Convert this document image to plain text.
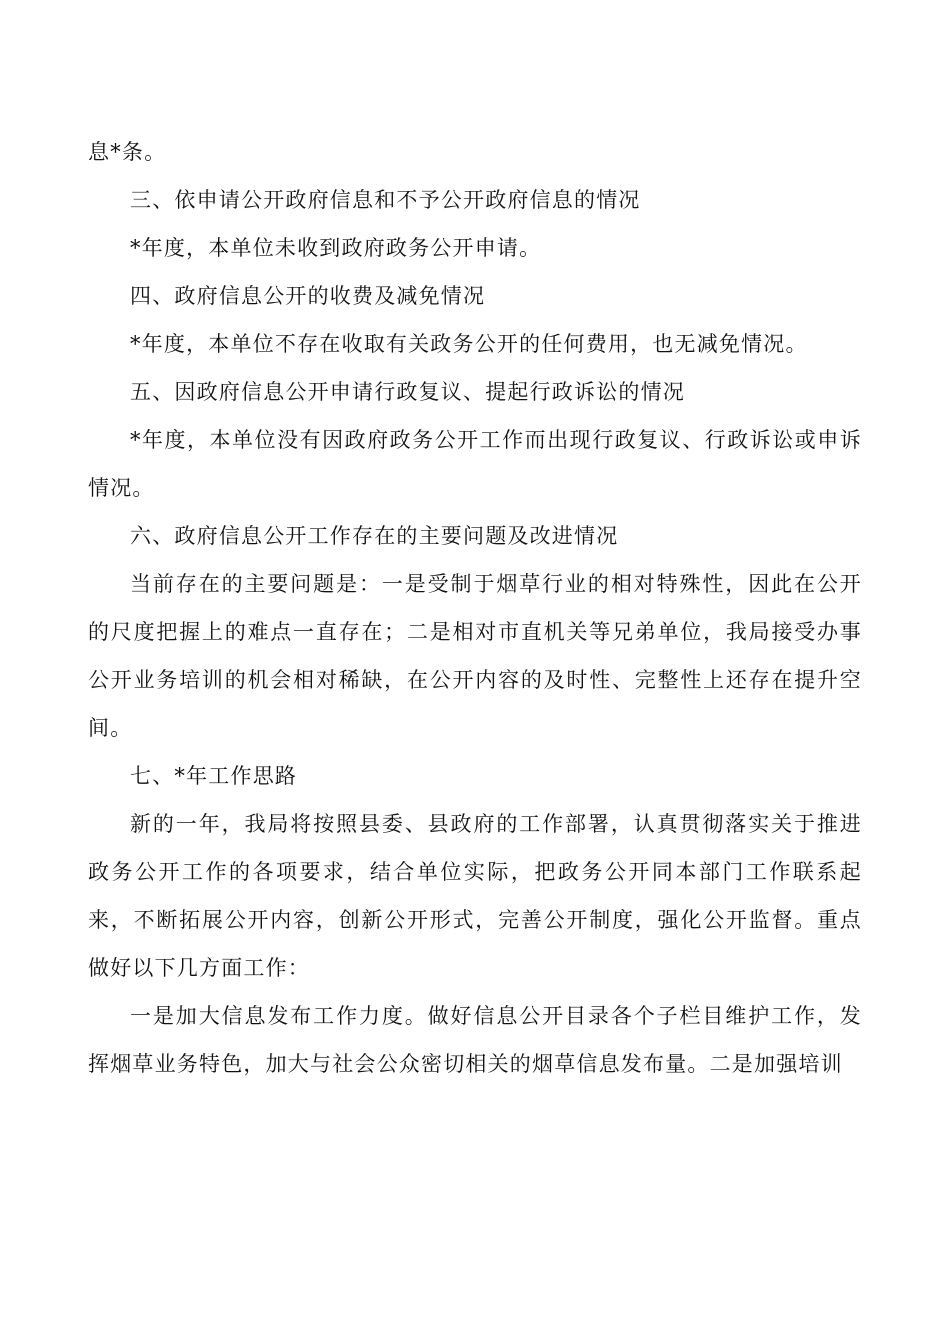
息*条。

三、依申请公开政府信息和不予公开政府信息的情况

*年度，本单位未收到政府政务公开申请。

四、政府信息公开的收费及减免情况

*年度，本单位不存在收取有关政务公开的任何费用，也无减免情况。

五、因政府信息公开申请行政复议、提起行政诉讼的情况

*年度，本单位没有因政府政务公开工作而出现行政复议、行政诉讼或申诉情况。

六、政府信息公开工作存在的主要问题及改进情况

当前存在的主要问题是：一是受制于烟草行业的相对特殊性，因此在公开的尺度把握上的难点一直存在；二是相对市直机关等兄弟单位，我局接受办事公开业务培训的机会相对稀缺，在公开内容的及时性、完整性上还存在提升空间。

七、*年工作思路

新的一年，我局将按照县委、县政府的工作部署，认真贯彻落实关于推进政务公开工作的各项要求，结合单位实际，把政务公开同本部门工作联系起来，不断拓展公开内容，创新公开形式，完善公开制度，强化公开监督。重点做好以下几方面工作：

一是加大信息发布工作力度。做好信息公开目录各个子栏目维护工作，发挥烟草业务特色，加大与社会公众密切相关的烟草信息发布量。二是加强培训
